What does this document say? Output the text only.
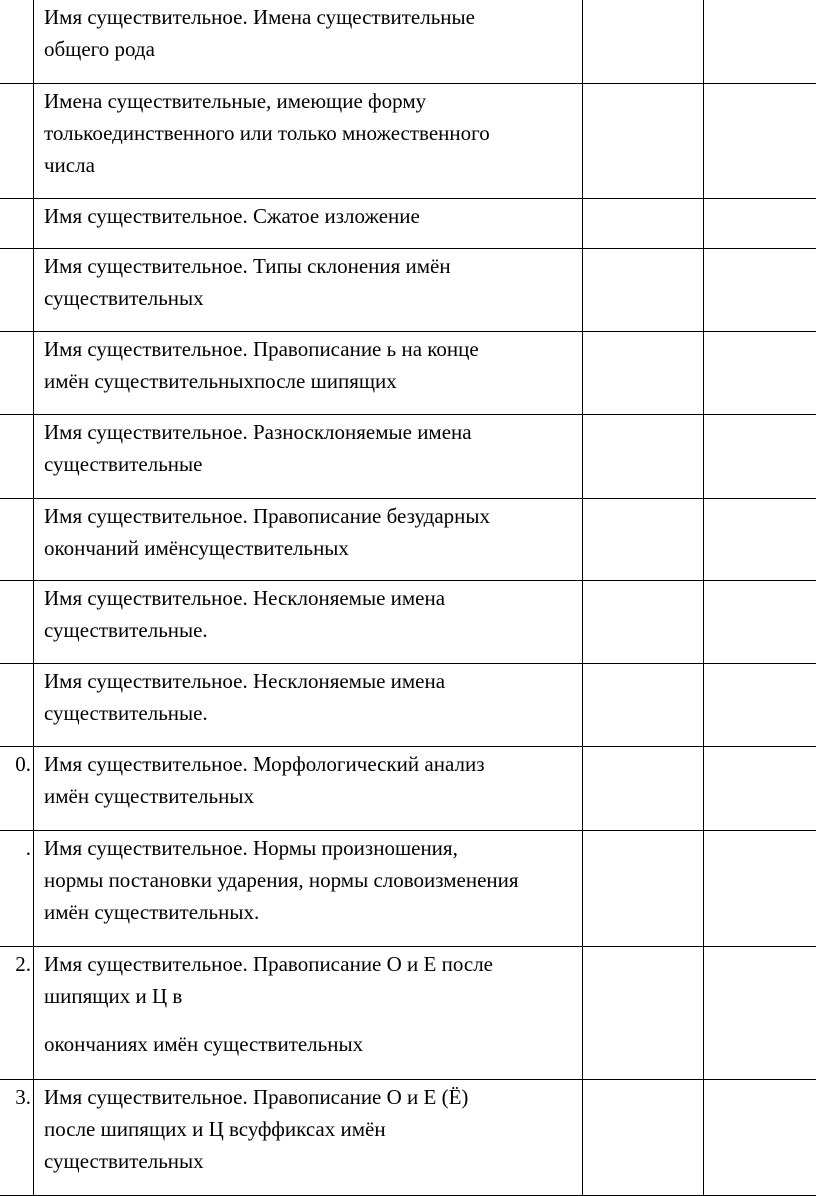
	Имя существительное. Имена существительные
общего рода		

	Имена существительные, имеющие форму
толькоединственного или только множественного
числа		

	Имя существительное. Сжатое изложение		

	Имя существительное. Типы склонения имён
существительных		

	Имя существительное. Правописание ь на конце
имён существительныхпосле шипящих		

	Имя существительное. Разносклоняемые имена
существительные		

	Имя существительное. Правописание безударных
окончаний имёнсуществительных		

	Имя существительное. Несклоняемые имена
существительные.		

	Имя существительное. Несклоняемые имена
существительные.		

0.	Имя существительное. Морфологический анализ
имён существительных		

.	Имя существительное. Нормы произношения,
нормы постановки ударения, нормы словоизменения
имён существительных.		

2.	Имя существительное. Правописание О и Е после
шипящих и Ц в
окончаниях имён существительных		

3.	Имя существительное. Правописание О и Е (Ё)
после шипящих и Ц всуффиксах имён
существительных		
